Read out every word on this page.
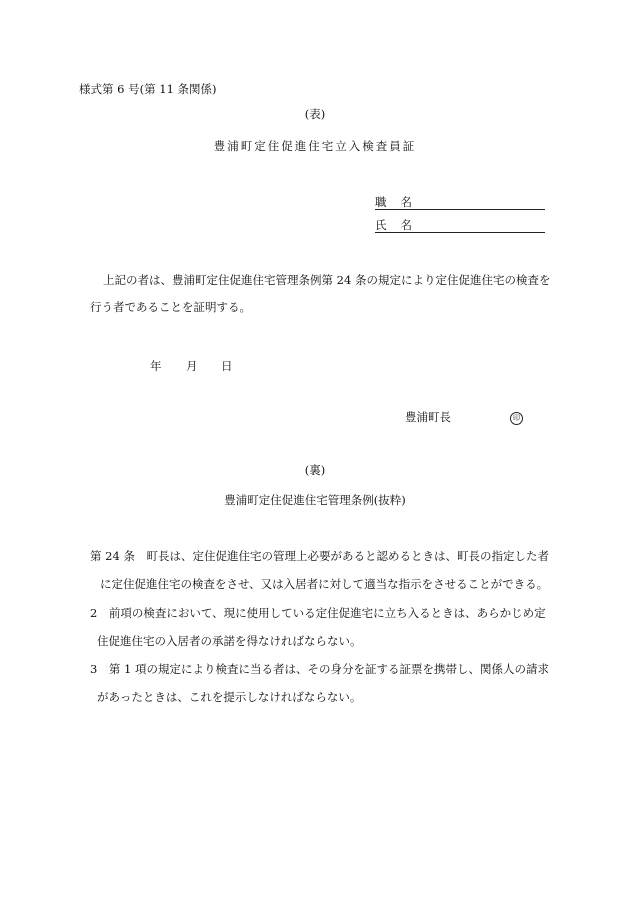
様式第 6 号(第 11 条関係)
(表)
豊浦町定住促進住宅立入検査員証
職名
氏名
上記の者は、豊浦町定住促進住宅管理条例第 24 条の規定により定住促進住宅の検査を
行う者であることを証明する。
年 月 日
豊浦町長	印
(裏)
豊浦町定住促進住宅管理条例(抜粋)
第 24 条　町長は、定住促進住宅の管理上必要があると認めるときは、町長の指定した者
に定住促進住宅の検査をさせ、又は入居者に対して適当な指示をさせることができる。
2　前項の検査において、現に使用している定住促進宅に立ち入るときは、あらかじめ定
住促進住宅の入居者の承諾を得なければならない。
3　第 1 項の規定により検査に当る者は、その身分を証する証票を携帯し、関係人の請求
があったときは、これを提示しなければならない。
